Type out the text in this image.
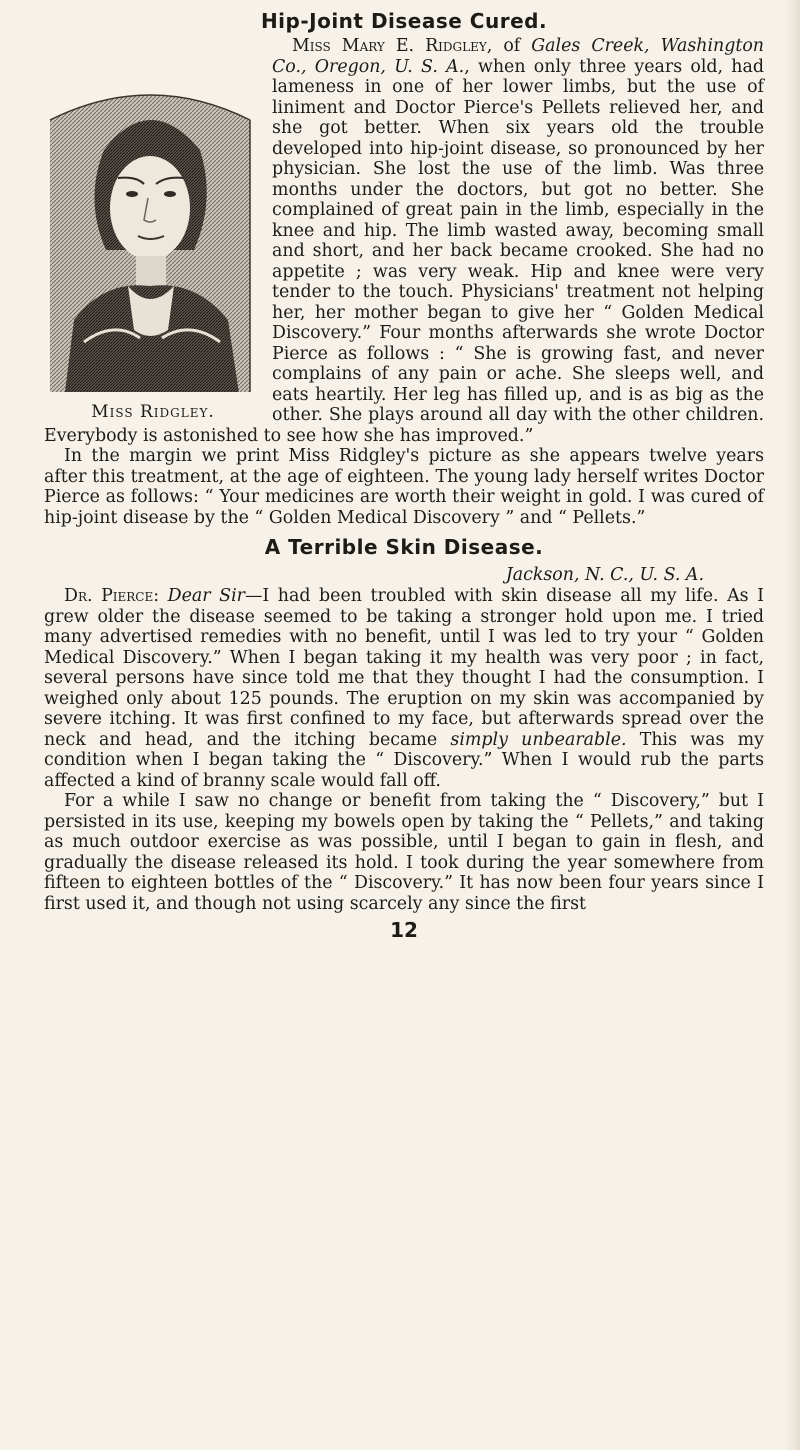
Hip-Joint Disease Cured.
Miss Ridgley.

Miss Mary E. Ridgley, of Gales Creek, Washington Co., Oregon, U. S. A., when only three years old, had lameness in one of her lower limbs, but the use of liniment and Doctor Pierce's Pellets relieved her, and she got better. When six years old the trouble developed into hip-joint disease, so pronounced by her physician. She lost the use of the limb. Was three months under the doctors, but got no better. She complained of great pain in the limb, especially in the knee and hip. The limb wasted away, becoming small and short, and her back became crooked. She had no appetite ; was very weak. Hip and knee were very tender to the touch. Physicians' treatment not helping her, her mother began to give her “ Golden Medical Discovery.” Four months afterwards she wrote Doctor Pierce as follows : “ She is growing fast, and never complains of any pain or ache. She sleeps well, and eats heartily. Her leg has filled up, and is as big as the other. She plays around all day with the other children. Everybody is astonished to see how she has improved.”

In the margin we print Miss Ridgley's picture as she appears twelve years after this treatment, at the age of eighteen. The young lady herself writes Doctor Pierce as follows: “ Your medicines are worth their weight in gold. I was cured of hip-joint disease by the “ Golden Medical Discovery ” and “ Pellets.”

A Terrible Skin Disease.
Jackson, N. C., U. S. A.

Dr. Pierce: Dear Sir—I had been troubled with skin disease all my life. As I grew older the disease seemed to be taking a stronger hold upon me. I tried many advertised remedies with no benefit, until I was led to try your “ Golden Medical Discovery.” When I began taking it my health was very poor ; in fact, several persons have since told me that they thought I had the consumption. I weighed only about 125 pounds. The eruption on my skin was accompanied by severe itching. It was first confined to my face, but afterwards spread over the neck and head, and the itching became simply unbearable. This was my condition when I began taking the “ Discovery.” When I would rub the parts affected a kind of branny scale would fall off.

For a while I saw no change or benefit from taking the “ Discovery,” but I persisted in its use, keeping my bowels open by taking the “ Pellets,” and taking as much outdoor exercise as was possible, until I began to gain in flesh, and gradually the disease released its hold. I took during the year somewhere from fifteen to eighteen bottles of the “ Discovery.” It has now been four years since I first used it, and though not using scarcely any since the first

12
